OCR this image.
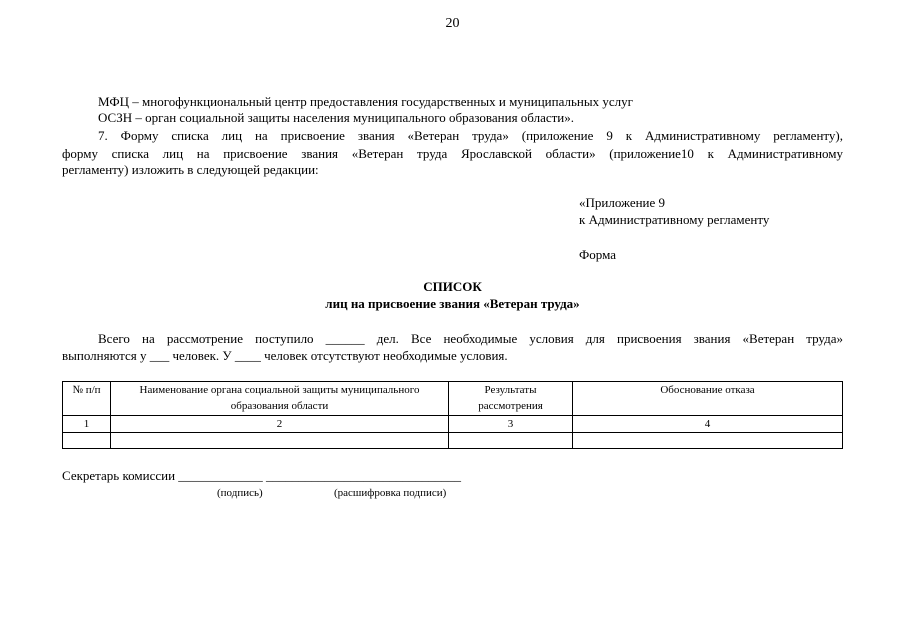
20
МФЦ – многофункциональный центр предоставления государственных и муниципальных услуг
ОСЗН – орган социальной защиты населения муниципального образования области».
7. Форму списка лиц на присвоение звания «Ветеран труда» (приложение 9 к Административному регламенту),
форму списка лиц на присвоение звания «Ветеран труда Ярославской области» (приложение10 к Административному
регламенту) изложить в следующей редакции:
«Приложение 9
к Административному регламенту
Форма
СПИСОК
лиц на присвоение звания «Ветеран труда»
Всего на рассмотрение поступило ______ дел. Все необходимые условия для присвоения звания «Ветеран труда»
выполняются у ___ человек. У ____ человек отсутствуют необходимые условия.
№ п/п	Наименование органа социальной защиты муниципального образования области	Результаты рассмотрения	Обоснование отказа
1	2	3	4

Секретарь комиссии _____________ ______________________________
(подпись)	(расшифровка подписи)
